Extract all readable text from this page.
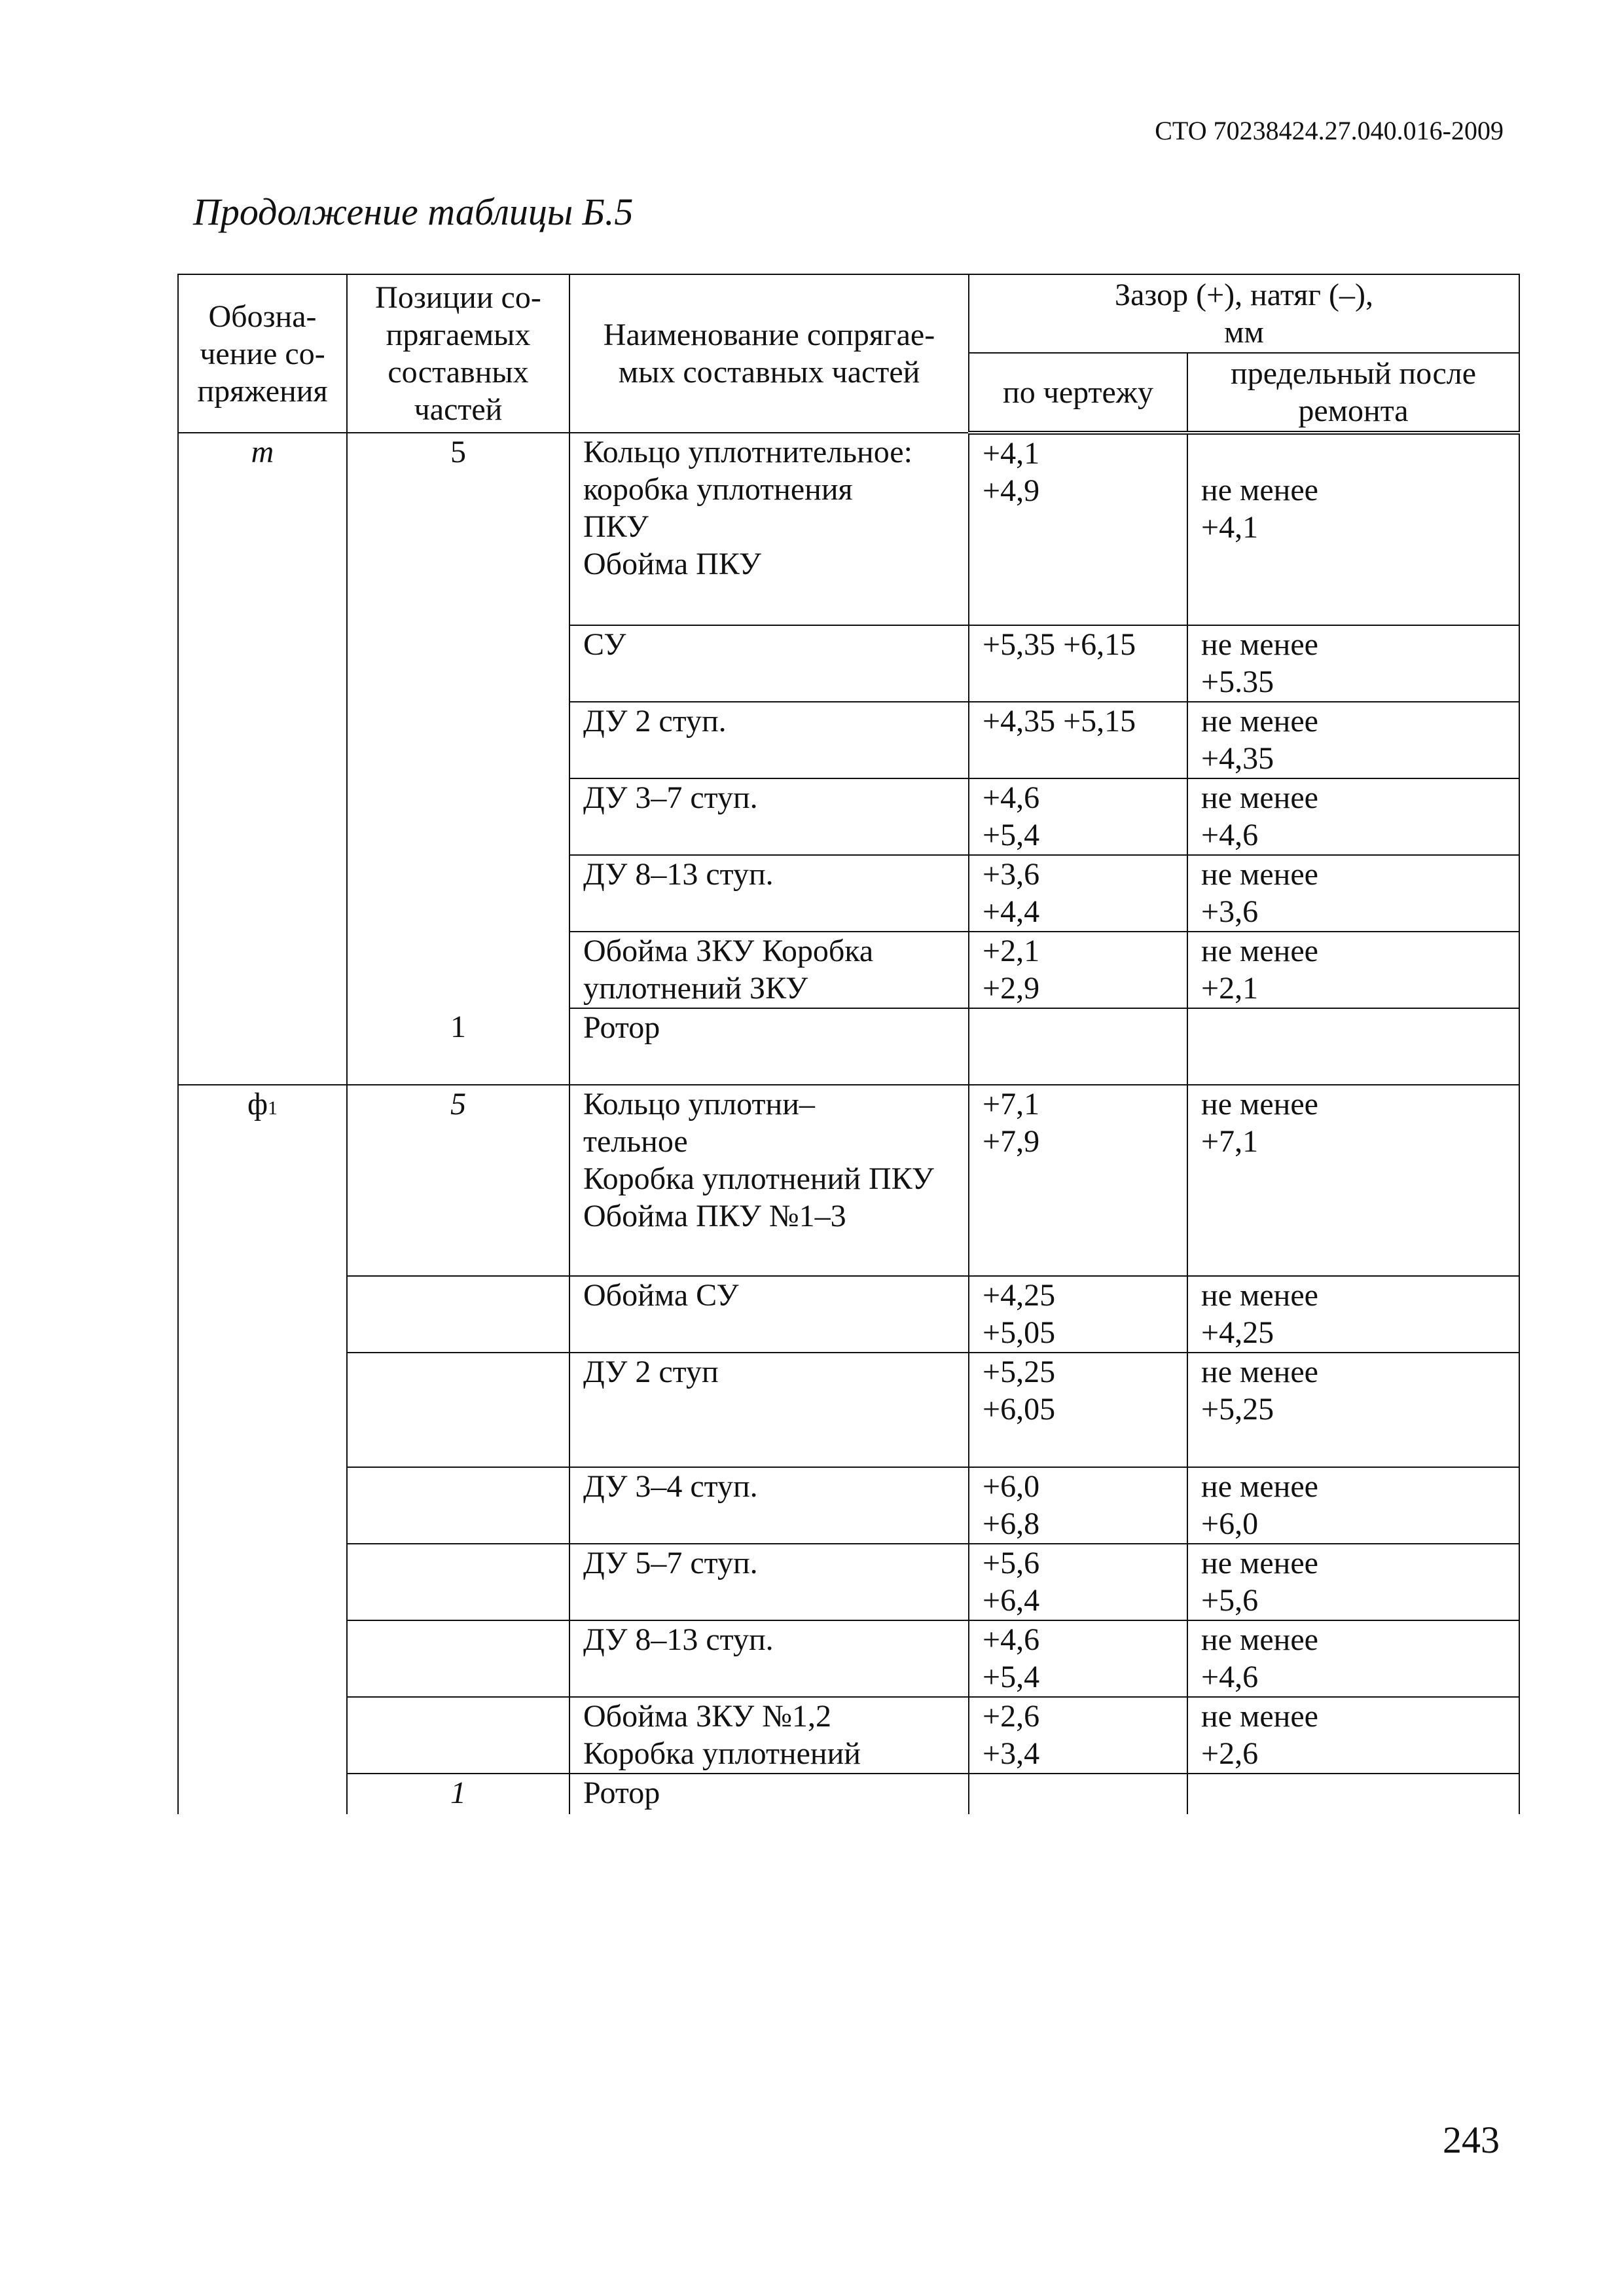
СТО 70238424.27.040.016-2009
Продолжение таблицы Б.5
Обозна-
чение со-
пряжения	Позиции со-
прягаемых
составных
частей	Наименование сопрягае-
мых составных частей	Зазор (+), натяг (–),
мм	
			по чертежу	предельный после
ремонта
m	5	Кольцо уплотнительное:
коробка уплотнения
ПКУ
Обойма ПКУ	+4,1
+4,9	не менее
+4,1
		СУ	+5,35 +6,15	не менее
+5.35
		ДУ 2 ступ.	+4,35 +5,15	не менее
+4,35
		ДУ 3–7 ступ.	+4,6
+5,4	не менее
+4,6
		ДУ 8–13 ступ.	+3,6
+4,4	не менее
+3,6
		Обойма ЗКУ Коробка
уплотнений ЗКУ	+2,1
+2,9	не менее
+2,1
	1	Ротор		
ф1	5	Кольцо уплотни–
тельное
Коробка уплотнений ПКУ
Обойма ПКУ №1–3	+7,1
+7,9	не менее
+7,1
		Обойма СУ	+4,25
+5,05	не менее
+4,25
		ДУ 2 ступ	+5,25
+6,05	не менее
+5,25
		ДУ 3–4 ступ.	+6,0
+6,8	не менее
+6,0
		ДУ 5–7 ступ.	+5,6
+6,4	не менее
+5,6
		ДУ 8–13 ступ.	+4,6
+5,4	не менее
+4,6
		Обойма ЗКУ №1,2
Коробка уплотнений	+2,6
+3,4	не менее
+2,6
	1	Ротор		
243
